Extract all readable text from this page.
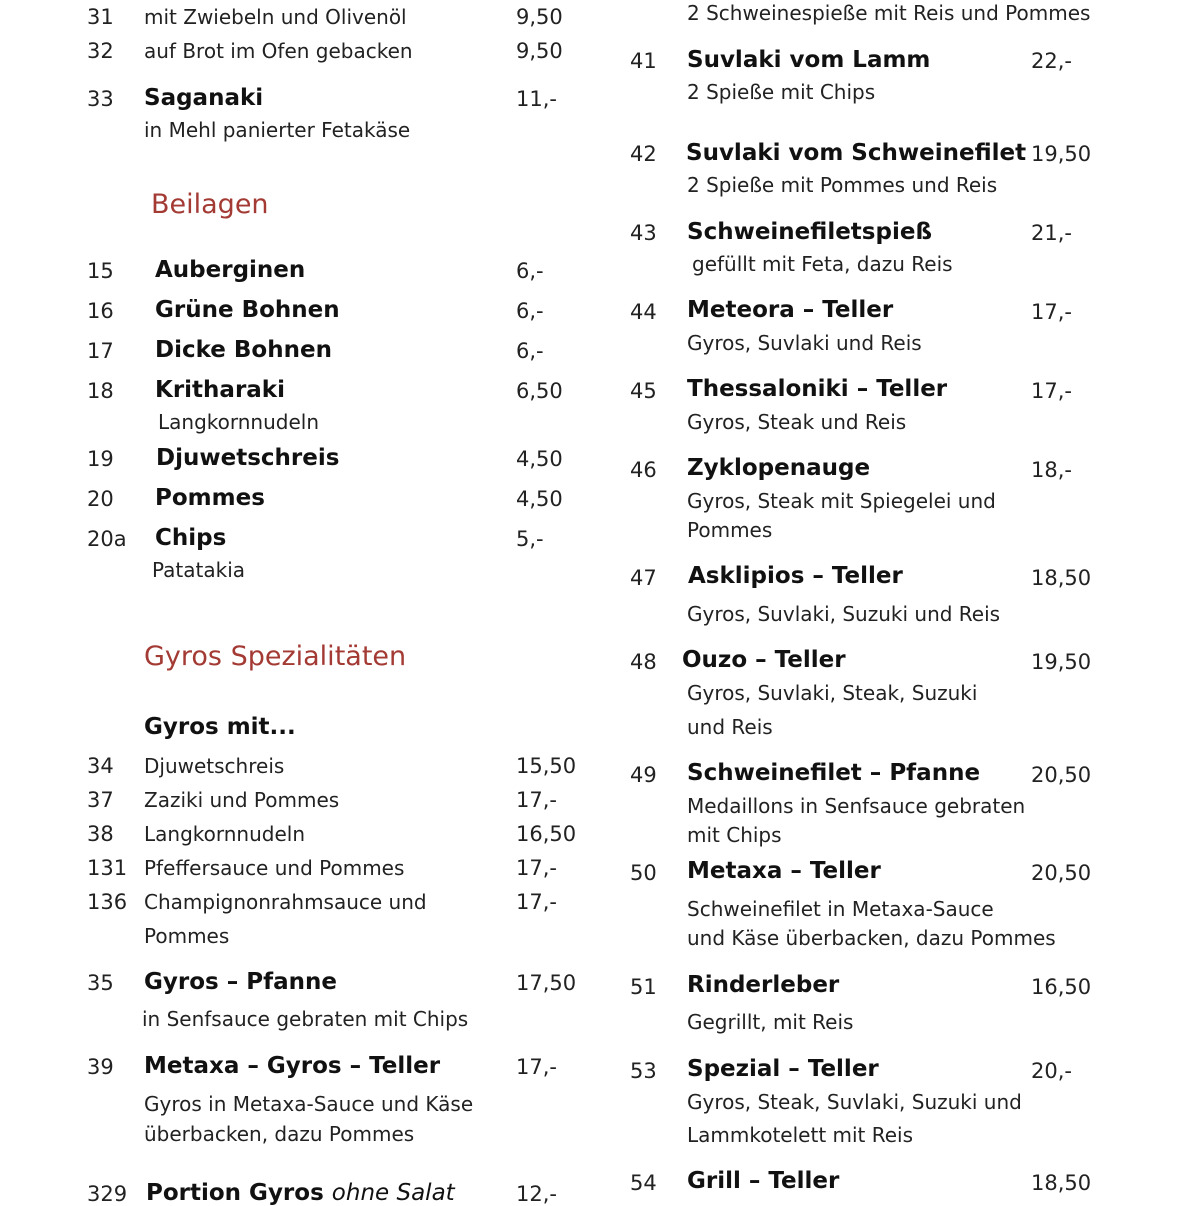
31 mit Zwiebeln und Olivenöl	9,50
32 auf Brot im Ofen gebacken	9,50
33 Saganaki	11,-
in Mehl panierter Fetakäse
Beilagen
15 Auberginen	6,-
16 Grüne Bohnen	6,-
17 Dicke Bohnen	6,-
18 Kritharaki	6,50
Langkornnudeln
19 Djuwetschreis	4,50
20 Pommes	4,50
20a Chips	5,-
Patatakia
Gyros Spezialitäten
Gyros mit...
34 Djuwetschreis	15,50
37 Zaziki und Pommes	17,-
38 Langkornnudeln	16,50
131 Pfeffersauce und Pommes	17,-
136 Champignonrahmsauce und	17,-
Pommes
35 Gyros – Pfanne	17,50
in Senfsauce gebraten mit Chips
39 Metaxa – Gyros – Teller	17,-
Gyros in Metaxa-Sauce und Käse
überbacken, dazu Pommes
329 Portion Gyros ohne Salat	12,-
2 Schweinespieße mit Reis und Pommes
41 Suvlaki vom Lamm	22,-
2 Spieße mit Chips
42 Suvlaki vom Schweinefilet 19,50
2 Spieße mit Pommes und Reis
43 Schweinefiletspieß	21,-
gefüllt mit Feta, dazu Reis
44 Meteora – Teller	17,-
Gyros, Suvlaki und Reis
45 Thessaloniki – Teller	17,-
Gyros, Steak und Reis
46 Zyklopenauge	18,-
Gyros, Steak mit Spiegelei und
Pommes
47 Asklipios – Teller	18,50
Gyros, Suvlaki, Suzuki und Reis
48 Ouzo – Teller	19,50
Gyros, Suvlaki, Steak, Suzuki
und Reis
49 Schweinefilet – Pfanne 20,50
Medaillons in Senfsauce gebraten
mit Chips
50 Metaxa – Teller	20,50
Schweinefilet in Metaxa-Sauce
und Käse überbacken, dazu Pommes
51 Rinderleber	16,50
Gegrillt, mit Reis
53 Spezial – Teller	20,-
Gyros, Steak, Suvlaki, Suzuki und
Lammkotelett mit Reis
54 Grill – Teller	18,50
